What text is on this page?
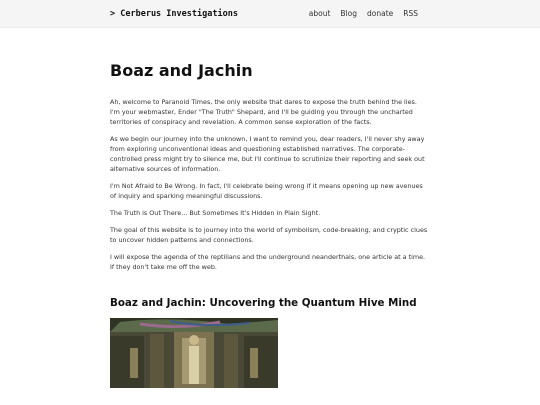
> Cerberus Investigations	about Blog donate RSS
Boaz and Jachin

Ah, welcome to Paranoid Times, the only website that dares to expose the truth behind the lies. I'm your webmaster, Ender "The Truth" Shepard, and I'll be guiding you through the uncharted territories of conspiracy and revelation. A common sense exploration of the facts.

As we begin our journey into the unknown, I want to remind you, dear readers, I'll never shy away from exploring unconventional ideas and questioning established narratives. The corporate-controlled press might try to silence me, but I'll continue to scrutinize their reporting and seek out alternative sources of information.

I'm Not Afraid to Be Wrong. In fact, I'll celebrate being wrong if it means opening up new avenues of inquiry and sparking meaningful discussions.

The Truth is Out There... But Sometimes It's Hidden in Plain Sight.

The goal of this website is to journey into the world of symbolism, code-breaking, and cryptic clues to uncover hidden patterns and connections.

I will expose the agenda of the reptilians and the underground neanderthals, one article at a time. If they don't take me off the web.

Boaz and Jachin: Uncovering the Quantum Hive Mind
